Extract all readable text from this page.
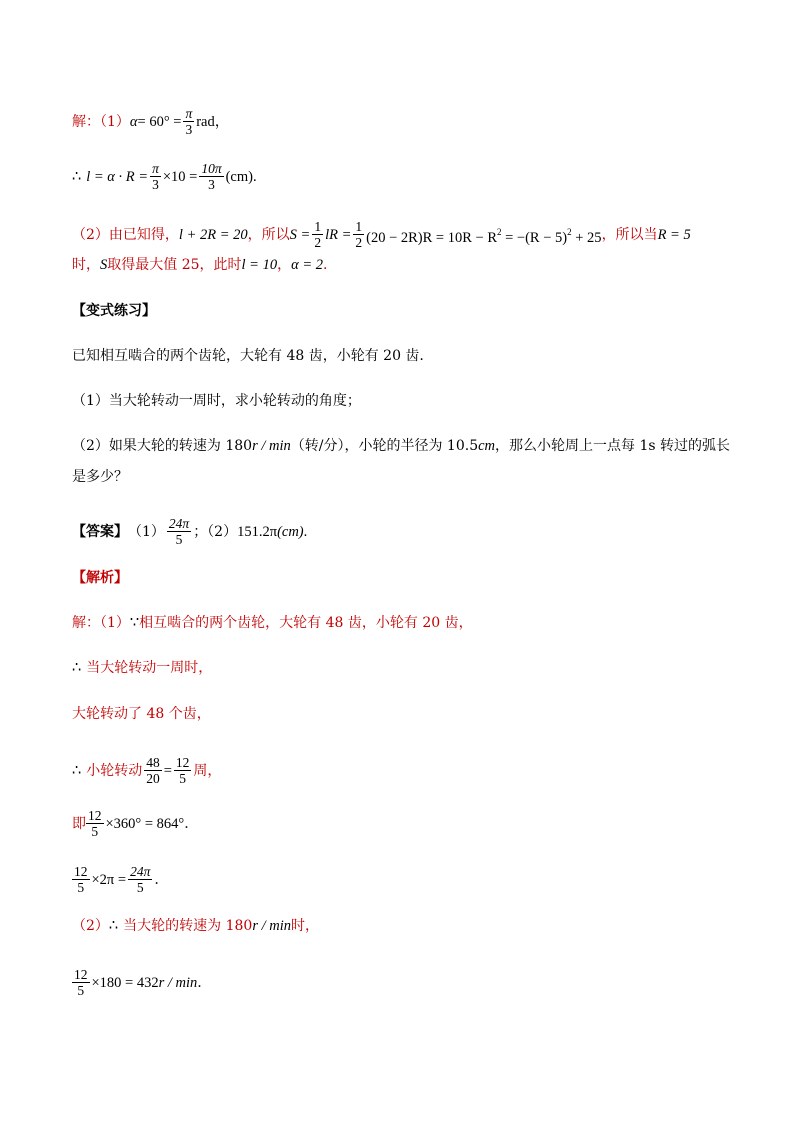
解：（1） $\alpha = 60^\circ = \frac{\pi}{3}$ rad，
∴ $l = \alpha \cdot R = \frac{\pi}{3} \times 10 = \frac{10\pi}{3} (cm)$ .
（2）由已知得， l + 2R = 20 ，所以 $S = \frac{1}{2}$ lR = $\frac{1}{2} (20 - 2R)R = 10R - R^2 = -(R - 5)^2 + 25$ ，所以当 R = 5
时， S 取得最大值 25，此时 l = 10 ， α = 2 .
【变式练习】
已知相互啮合的两个齿轮，大轮有 48 齿，小轮有 20 齿.
（1）当大轮转动一周时，求小轮转动的角度；
（2）如果大轮的转速为 180 r / min （转/分），小轮的半径为 10.5 cm ，那么小轮周上一点每 1s 转过的弧长
是多少？
【答案】 $(1) \frac{24\pi}{5}$ ；（2） 151.2π (cm) .
【解析】
解：（1） ∵ 相互啮合的两个齿轮，大轮有 48 齿，小轮有 20 齿，
∴ 当大轮转动一周时，
大轮转动了 48 个齿，
∴ 小轮转动 $\frac{48}{20} = \frac{12}{5}$ 周，
即 $\frac{12}{5} \times 360^\circ = 864^\circ$ ．
$\frac{12}{5} \times 2\pi = \frac{24\pi}{5}$ ．
（2） ∴ 当大轮的转速为 180 r / min 时，
$\frac{12}{5} \times 180 = 432$ r / min ．
